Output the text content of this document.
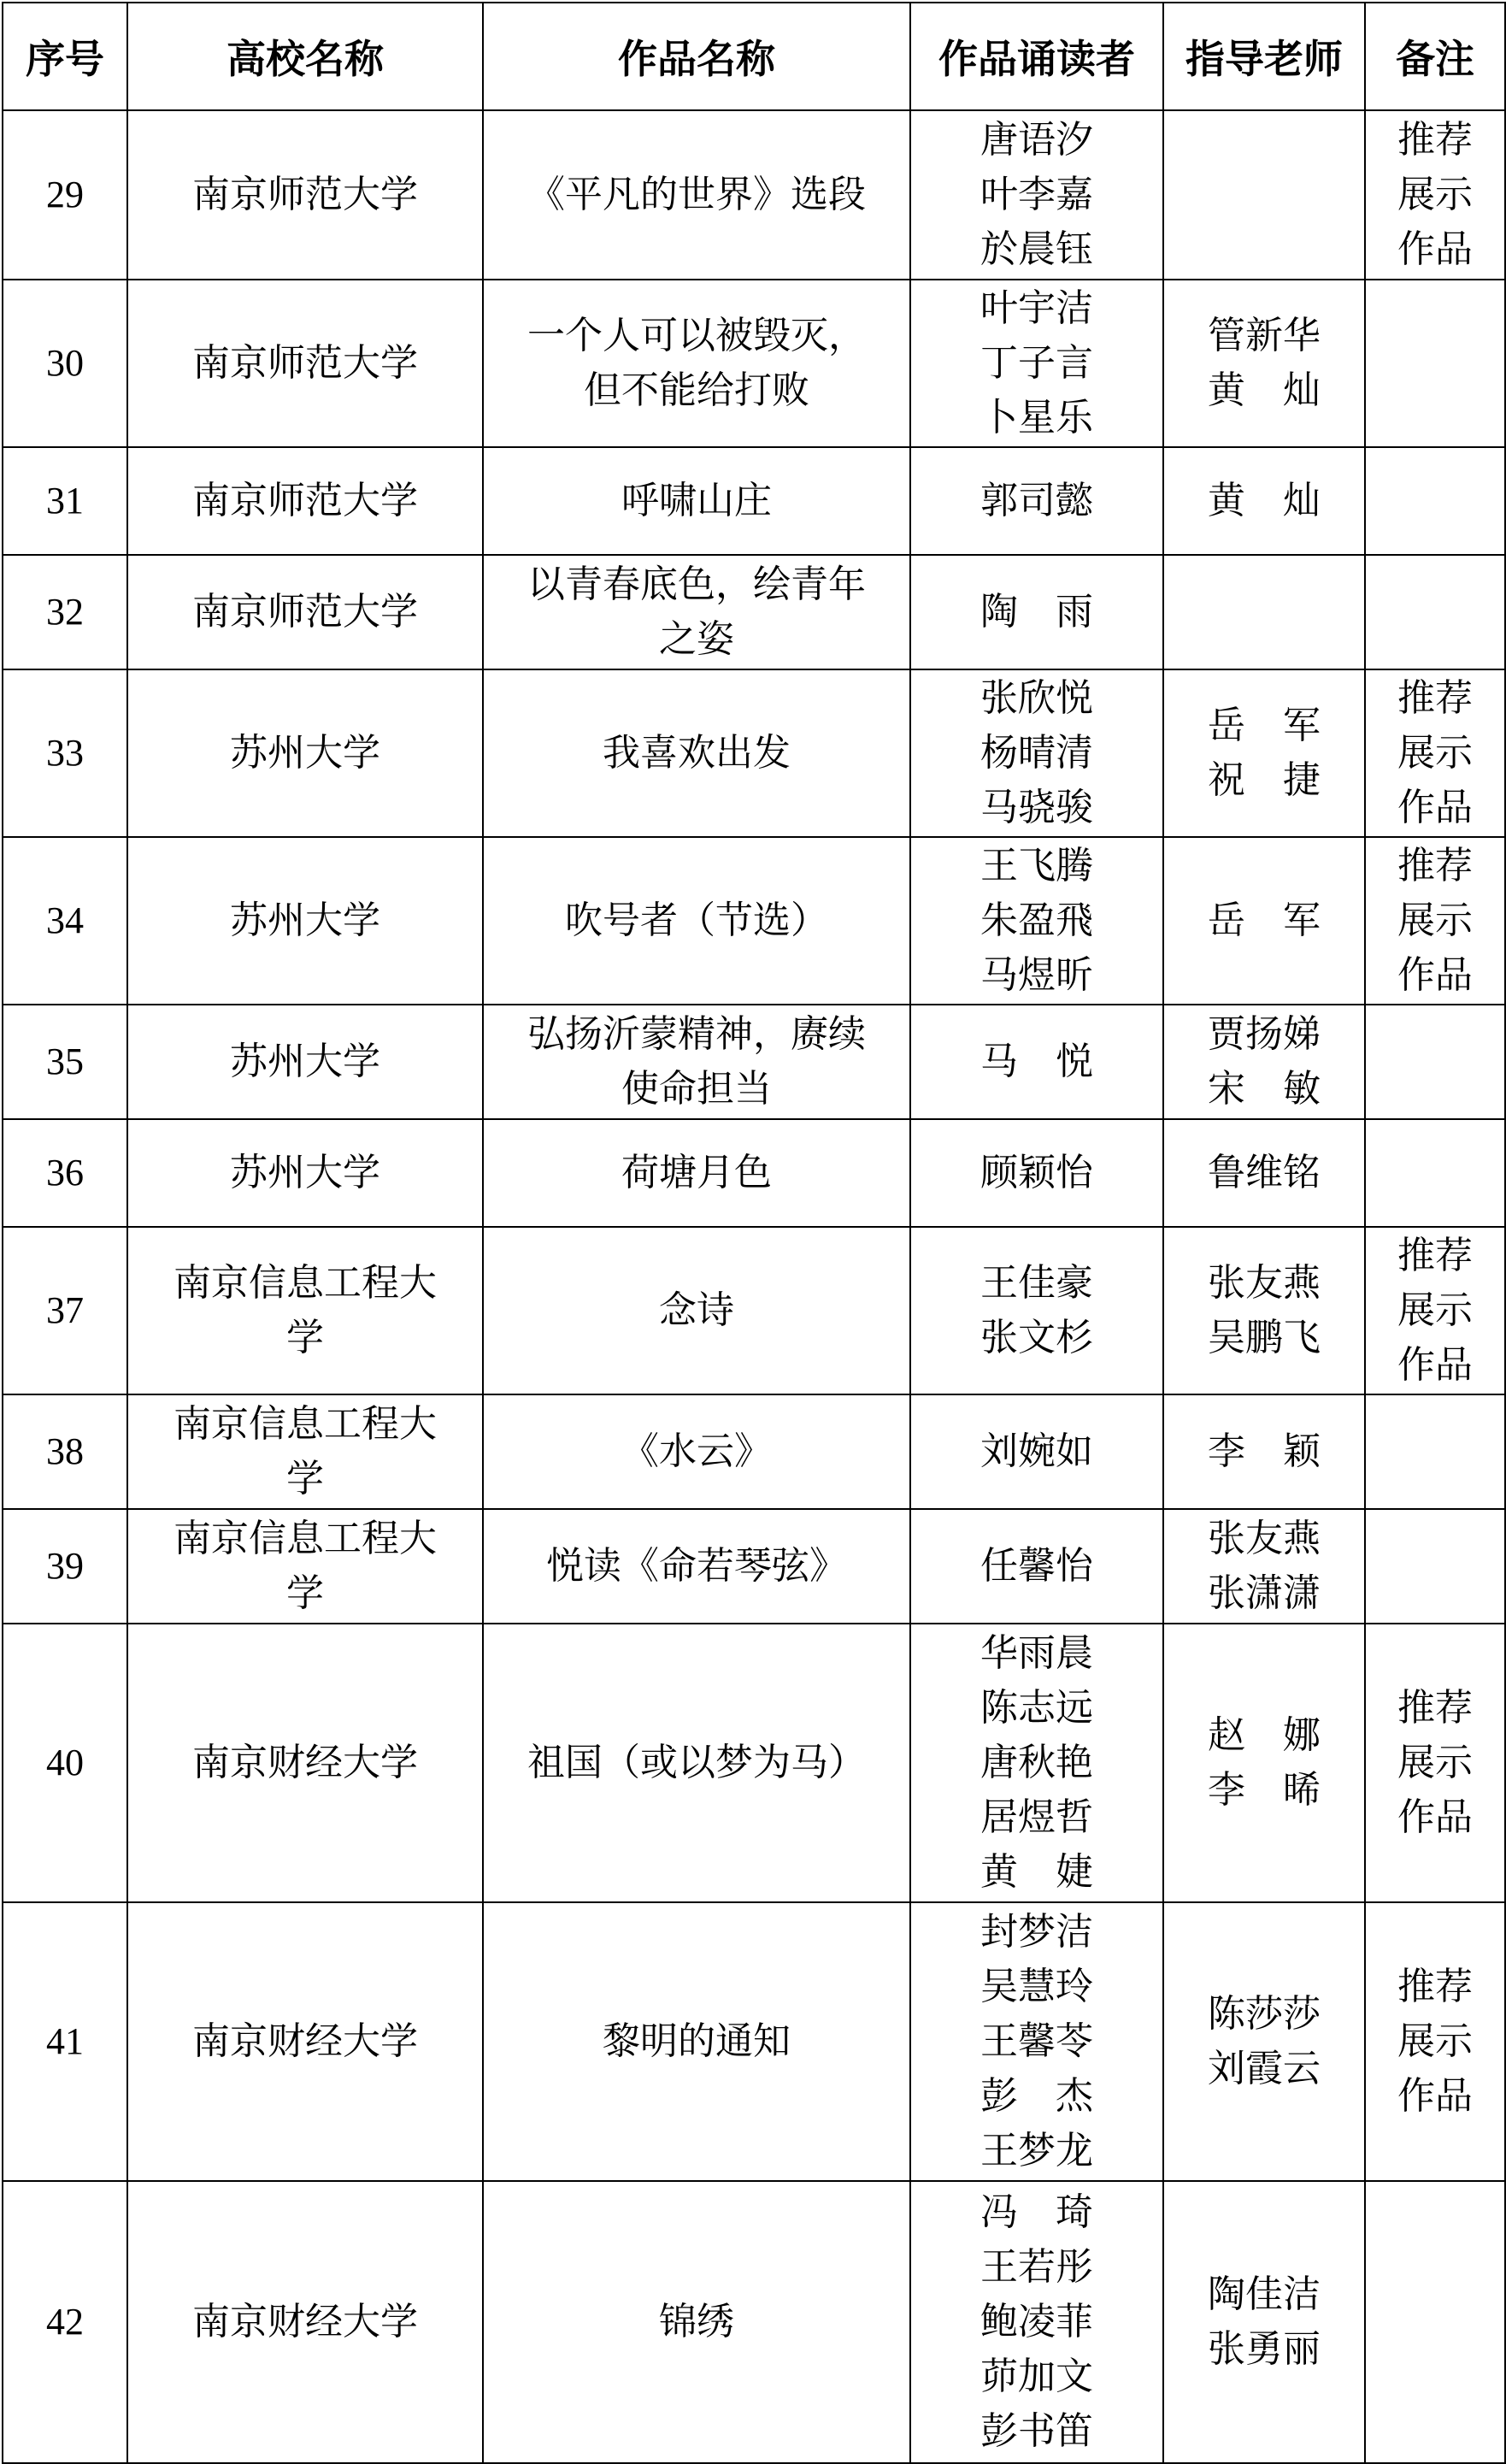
序号	高校名称	作品名称	作品诵读者	指导老师	备注
29	南京师范大学	《平凡的世界》选段	唐语汐
叶李嘉
於晨钰		推荐
展示
作品

30	南京师范大学	一个人可以被毁灭，
但不能给打败	叶宇洁
丁子言
卜星乐	管新华
黄　灿	

31	南京师范大学	呼啸山庄	郭司懿	黄　灿	

32	南京师范大学	以青春底色，绘青年
之姿	陶　雨		

33	苏州大学	我喜欢出发	张欣悦
杨晴清
马骁骏	岳　军
祝　捷	推荐
展示
作品

34	苏州大学	吹号者（节选）	王飞腾
朱盈飛
马煜昕	岳　军	推荐
展示
作品

35	苏州大学	弘扬沂蒙精神，赓续
使命担当	马　悦	贾扬娣
宋　敏	

36	苏州大学	荷塘月色	顾颖怡	鲁维铭	

37	南京信息工程大
学	念诗	王佳豪
张文杉	张友燕
吴鹏飞	推荐
展示
作品

38	南京信息工程大
学	《水云》	刘婉如	李　颖	

39	南京信息工程大
学	悦读《命若琴弦》	任馨怡	张友燕
张潇潇	

40	南京财经大学	祖国（或以梦为马）	华雨晨
陈志远
唐秋艳
居煜哲
黄　婕	赵　娜
李　晞	推荐
展示
作品

41	南京财经大学	黎明的通知	封梦洁
吴慧玲
王馨苓
彭　杰
王梦龙	陈莎莎
刘霞云	推荐
展示
作品

42	南京财经大学	锦绣	冯　琦
王若彤
鲍凌菲
茆加文
彭书笛	陶佳洁
张勇丽	
